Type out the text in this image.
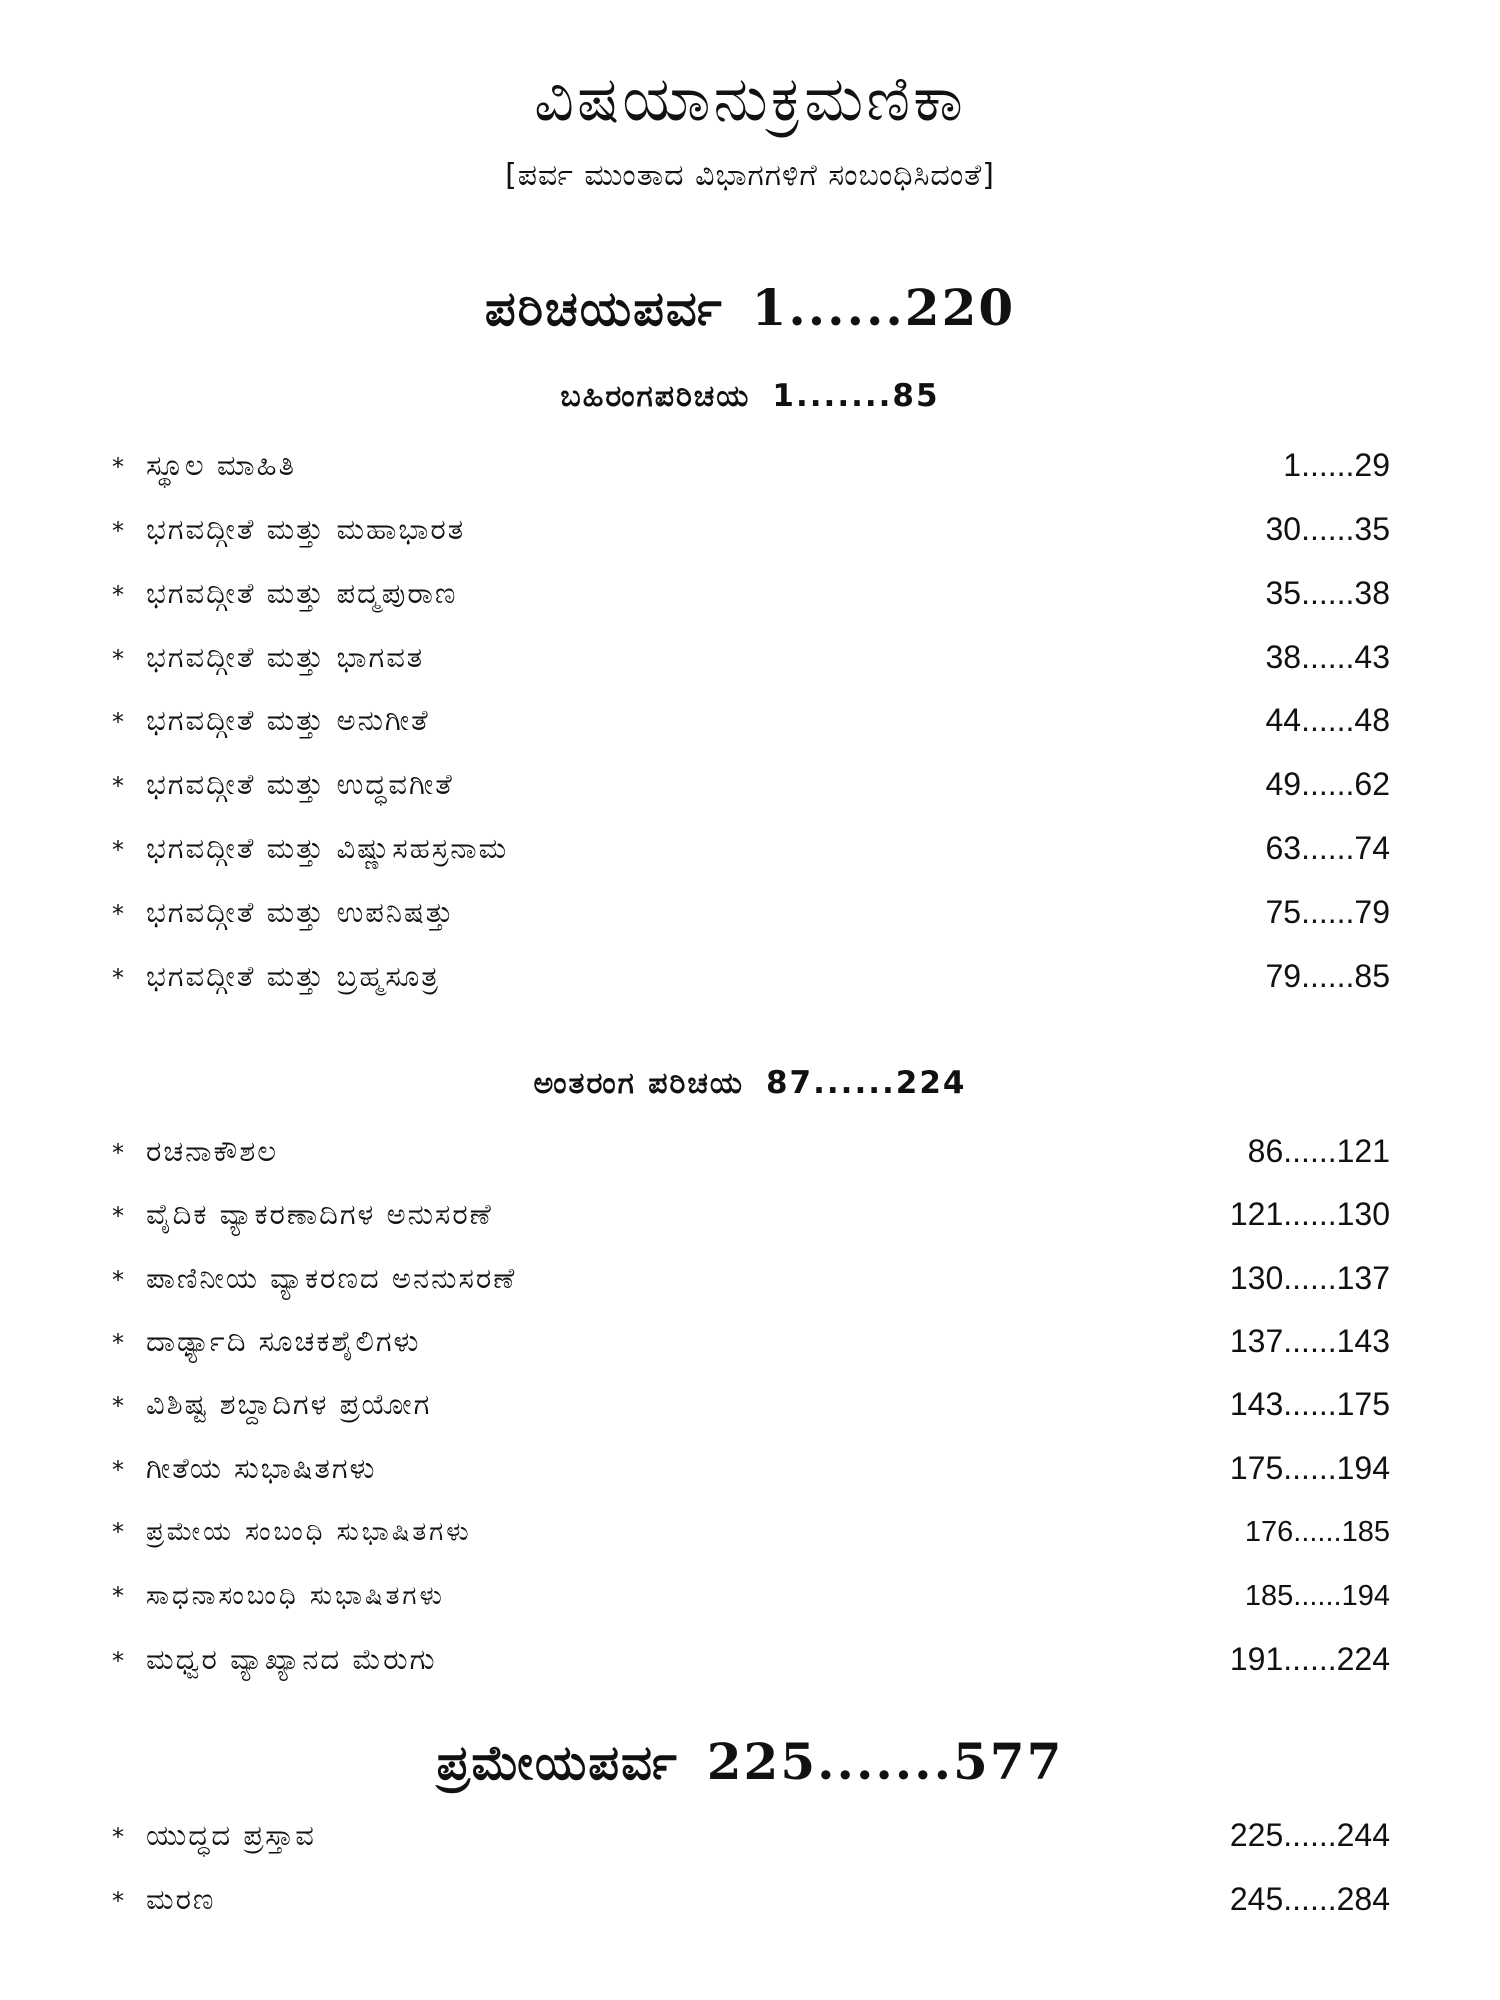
ವಿಷಯಾನುಕ್ರಮಣಿಕಾ
[ಪರ್ವ ಮುಂತಾದ ವಿಭಾಗಗಳಿಗೆ ಸಂಬಂಧಿಸಿದಂತೆ]
ಪರಿಚಯಪರ್ವ 1......220
ಬಹಿರಂಗಪರಿಚಯ 1.......85
* ಸ್ಥೂಲ ಮಾಹಿತಿ	1......29
* ಭಗವದ್ಗೀತೆ ಮತ್ತು ಮಹಾಭಾರತ	30......35
* ಭಗವದ್ಗೀತೆ ಮತ್ತು ಪದ್ಮಪುರಾಣ	35......38
* ಭಗವದ್ಗೀತೆ ಮತ್ತು ಭಾಗವತ	38......43
* ಭಗವದ್ಗೀತೆ ಮತ್ತು ಅನುಗೀತೆ	44......48
* ಭಗವದ್ಗೀತೆ ಮತ್ತು ಉದ್ಧವಗೀತೆ	49......62
* ಭಗವದ್ಗೀತೆ ಮತ್ತು ವಿಷ್ಣುಸಹಸ್ರನಾಮ	63......74
* ಭಗವದ್ಗೀತೆ ಮತ್ತು ಉಪನಿಷತ್ತು	75......79
* ಭಗವದ್ಗೀತೆ ಮತ್ತು ಬ್ರಹ್ಮಸೂತ್ರ	79......85
ಅಂತರಂಗ ಪರಿಚಯ 87......224
* ರಚನಾಕೌಶಲ	86......121
* ವೈದಿಕ ವ್ಯಾಕರಣಾದಿಗಳ ಅನುಸರಣೆ	121......130
* ಪಾಣಿನೀಯ ವ್ಯಾಕರಣದ ಅನನುಸರಣೆ	130......137
* ದಾರ್ಢ್ಯಾದಿ ಸೂಚಕಶೈಲಿಗಳು	137......143
* ವಿಶಿಷ್ಟ ಶಬ್ದಾದಿಗಳ ಪ್ರಯೋಗ	143......175
* ಗೀತೆಯ ಸುಭಾಷಿತಗಳು	175......194
* ಪ್ರಮೇಯ ಸಂಬಂಧಿ ಸುಭಾಷಿತಗಳು	176......185
* ಸಾಧನಾಸಂಬಂಧಿ ಸುಭಾಷಿತಗಳು	185......194
* ಮಧ್ವರ ವ್ಯಾಖ್ಯಾನದ ಮೆರುಗು	191......224
ಪ್ರಮೇಯಪರ್ವ 225.......577
* ಯುದ್ಧದ ಪ್ರಸ್ತಾವ	225......244
* ಮರಣ	245......284
